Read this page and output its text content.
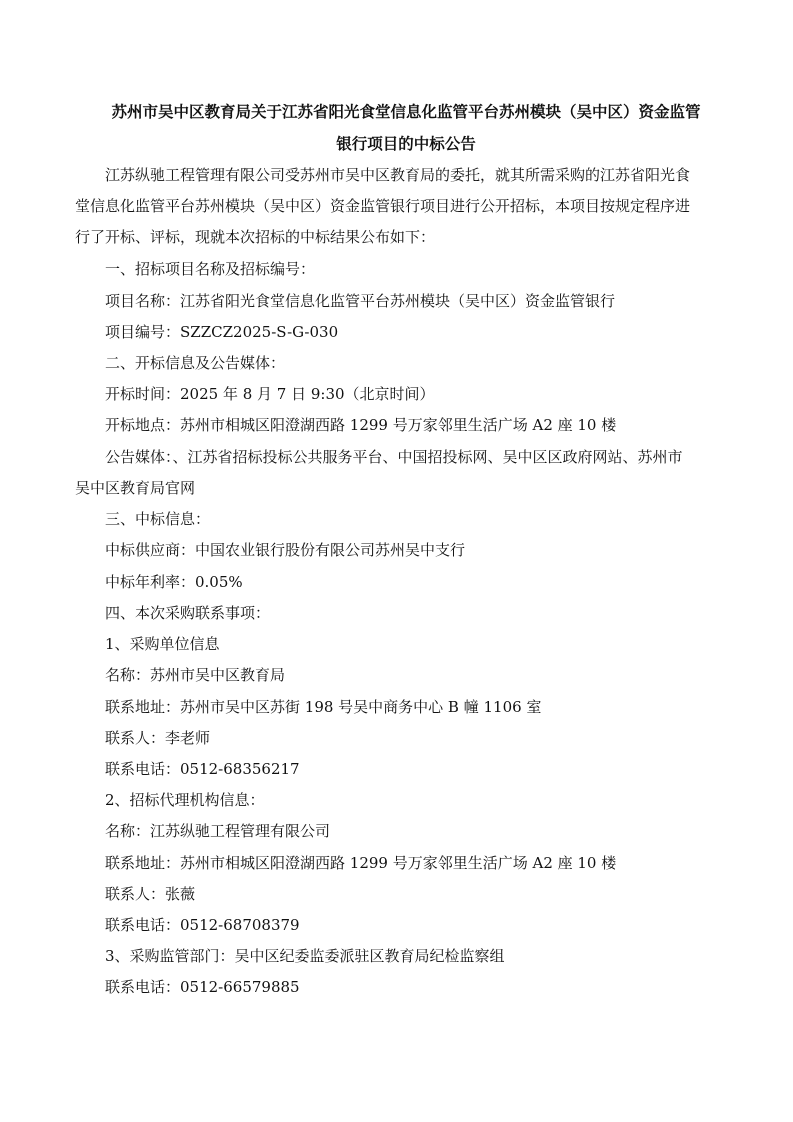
苏州市吴中区教育局关于江苏省阳光食堂信息化监管平台苏州模块（吴中区）资金监管
银行项目的中标公告
江苏纵驰工程管理有限公司受苏州市吴中区教育局的委托，就其所需采购的江苏省阳光食
堂信息化监管平台苏州模块（吴中区）资金监管银行项目进行公开招标，本项目按规定程序进
行了开标、评标，现就本次招标的中标结果公布如下：
一、招标项目名称及招标编号：
项目名称：江苏省阳光食堂信息化监管平台苏州模块（吴中区）资金监管银行
项目编号：SZZCZ2025-S-G-030
二、开标信息及公告媒体：
开标时间：2025 年 8 月 7 日 9:30（北京时间）
开标地点：苏州市相城区阳澄湖西路 1299 号万家邻里生活广场 A2 座 10 楼
公告媒体：、江苏省招标投标公共服务平台、中国招投标网、吴中区区政府网站、苏州市
吴中区教育局官网
三、中标信息：
中标供应商：中国农业银行股份有限公司苏州吴中支行
中标年利率：0.05%
四、本次采购联系事项：
1、采购单位信息
名称：苏州市吴中区教育局
联系地址：苏州市吴中区苏街 198 号吴中商务中心 B 幢 1106 室
联系人：李老师
联系电话：0512-68356217
2、招标代理机构信息：
名称：江苏纵驰工程管理有限公司
联系地址：苏州市相城区阳澄湖西路 1299 号万家邻里生活广场 A2 座 10 楼
联系人：张薇
联系电话：0512-68708379
3、采购监管部门：吴中区纪委监委派驻区教育局纪检监察组
联系电话：0512-66579885
